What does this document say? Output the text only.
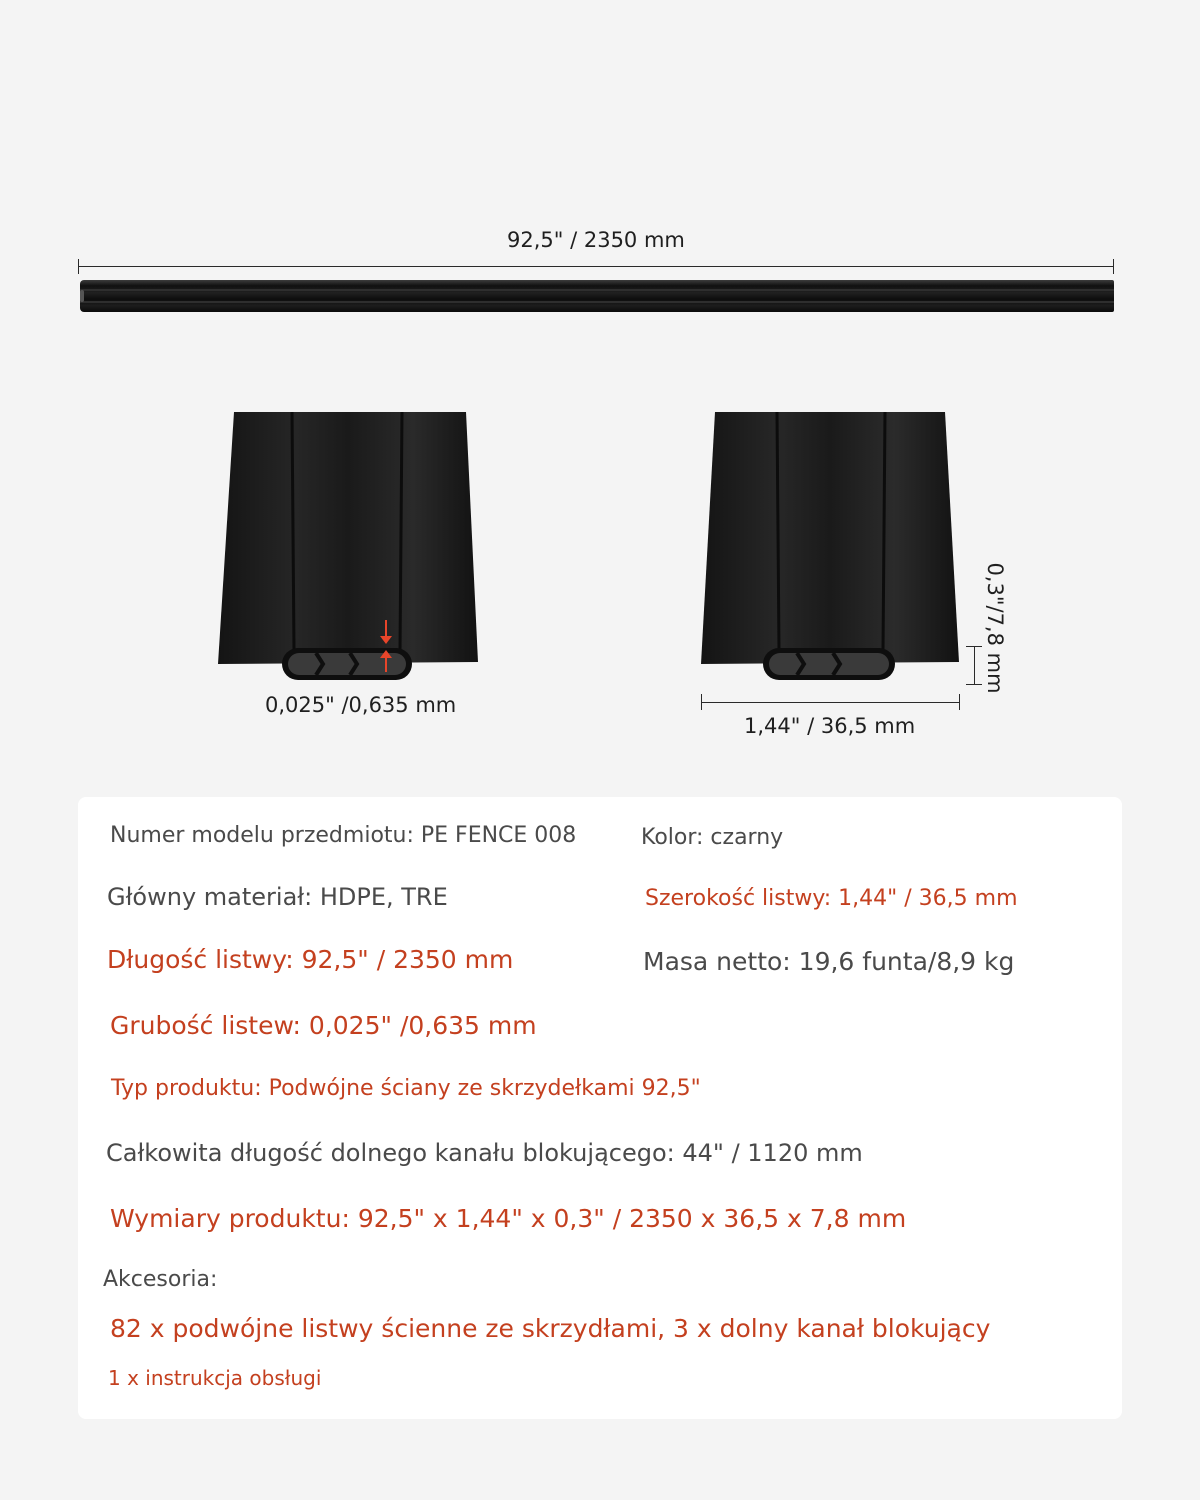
92,5" / 2350 mm
0,025" /0,635 mm
1,44" / 36,5 mm
0,3"/7,8 mm
Numer modelu przedmiotu: PE FENCE 008	Kolor: czarny
Główny materiał: HDPE, TRE	Szerokość listwy: 1,44" / 36,5 mm
Długość listwy: 92,5" / 2350 mm	Masa netto: 19,6 funta/8,9 kg
Grubość listew: 0,025" /0,635 mm
Typ produktu: Podwójne ściany ze skrzydełkami 92,5"
Całkowita długość dolnego kanału blokującego: 44" / 1120 mm
Wymiary produktu: 92,5" x 1,44" x 0,3" / 2350 x 36,5 x 7,8 mm
Akcesoria:
82 x podwójne listwy ścienne ze skrzydłami, 3 x dolny kanał blokujący
1 x instrukcja obsługi
